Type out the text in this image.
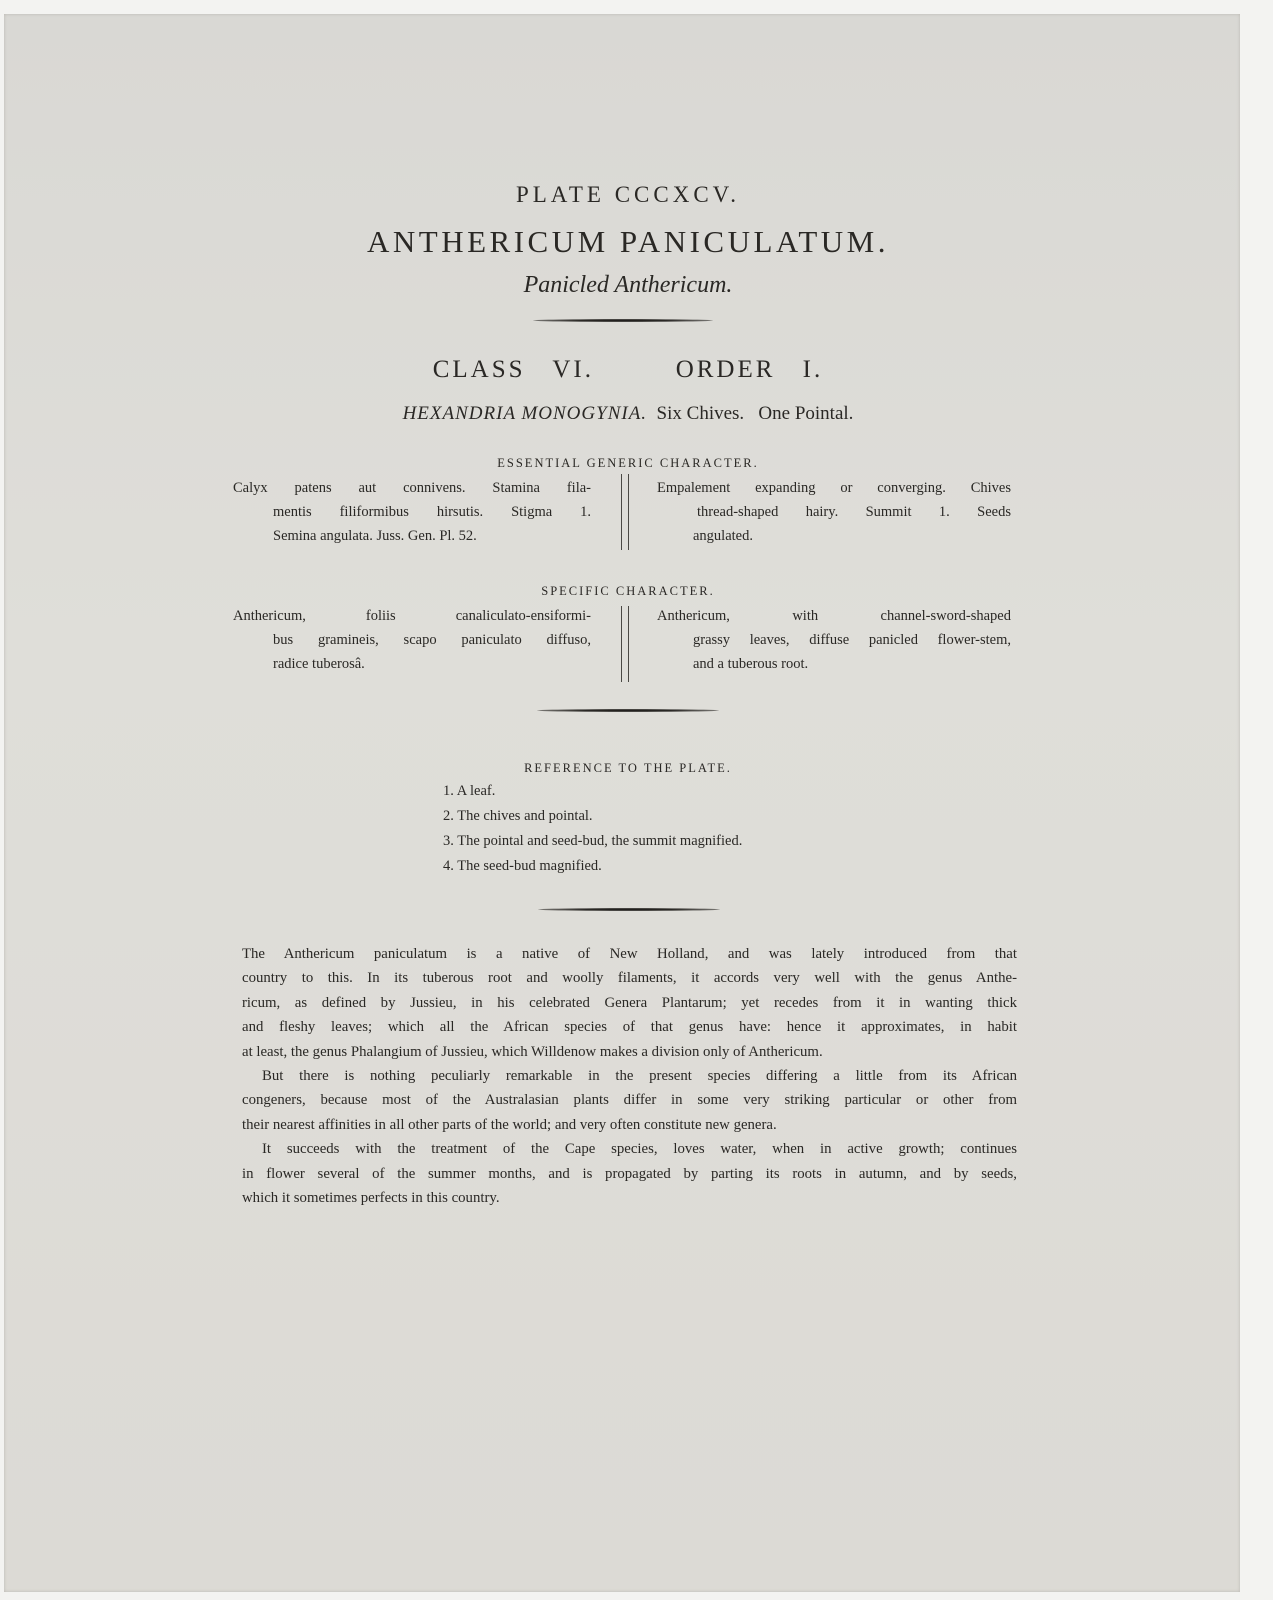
PLATE CCCXCV.
ANTHERICUM PANICULATUM.
Panicled Anthericum.
CLASS VI.   ORDER I.
HEXANDRIA MONOGYNIA. Six Chives.   One Pointal.
ESSENTIAL GENERIC CHARACTER.
Calyx patens aut connivens. Stamina fila-
mentis filiformibus hirsutis. Stigma 1.
Semina angulata. Juss. Gen. Pl. 52.
Empalement expanding or converging. Chives
thread-shaped hairy. Summit 1. Seeds
angulated.
SPECIFIC CHARACTER.
Anthericum, foliis canaliculato-ensiformi-
bus gramineis, scapo paniculato diffuso,
radice tuberosâ.
Anthericum, with channel-sword-shaped
grassy leaves, diffuse panicled flower-stem,
and a tuberous root.
REFERENCE TO THE PLATE.
1. A leaf.
2. The chives and pointal.
3. The pointal and seed-bud, the summit magnified.
4. The seed-bud magnified.
The Anthericum paniculatum is a native of New Holland, and was lately introduced from that
country to this. In its tuberous root and woolly filaments, it accords very well with the genus Anthe-
ricum, as defined by Jussieu, in his celebrated Genera Plantarum; yet recedes from it in wanting thick
and fleshy leaves; which all the African species of that genus have: hence it approximates, in habit
at least, the genus Phalangium of Jussieu, which Willdenow makes a division only of Anthericum.
But there is nothing peculiarly remarkable in the present species differing a little from its African
congeners, because most of the Australasian plants differ in some very striking particular or other from
their nearest affinities in all other parts of the world; and very often constitute new genera.
It succeeds with the treatment of the Cape species, loves water, when in active growth; continues
in flower several of the summer months, and is propagated by parting its roots in autumn, and by seeds,
which it sometimes perfects in this country.
